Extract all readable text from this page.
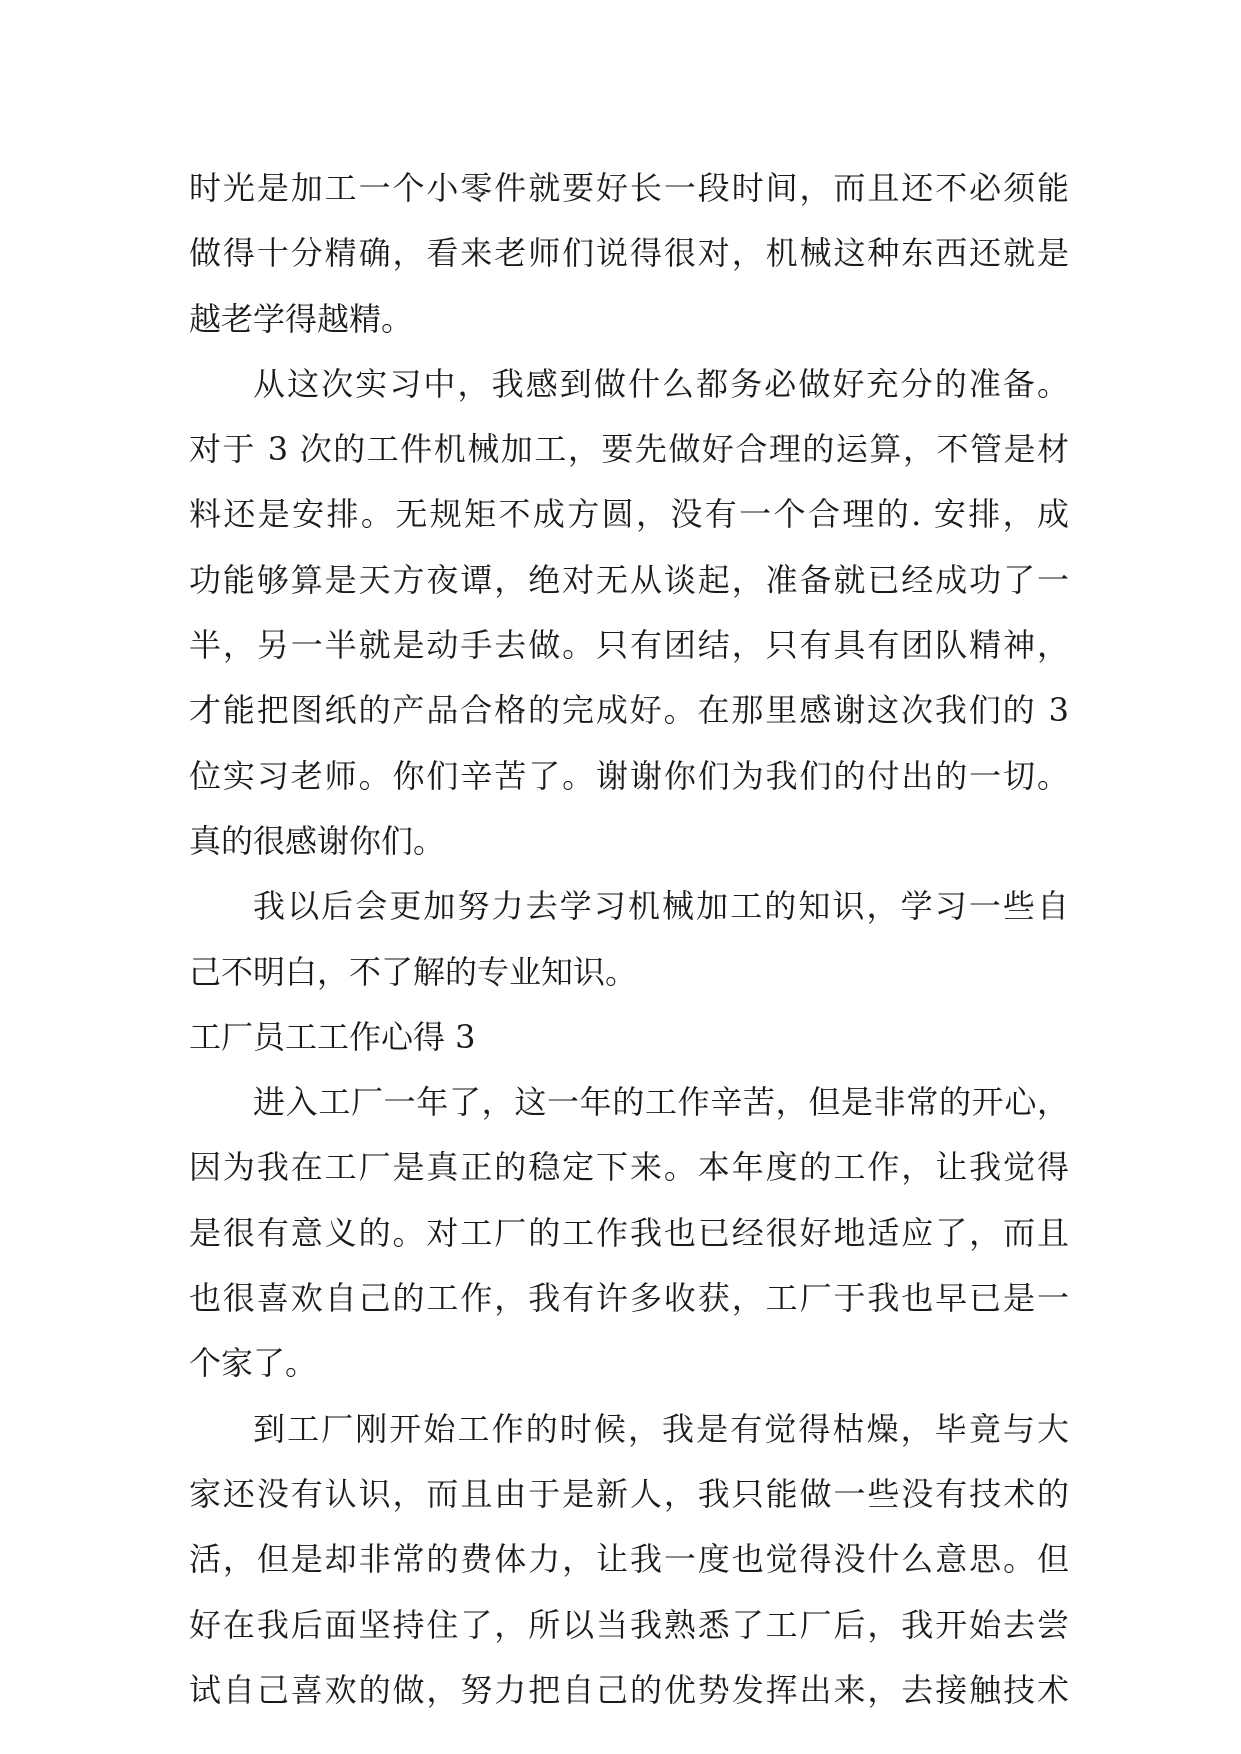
时光是加工一个小零件就要好长一段时间，而且还不必须能
做得十分精确，看来老师们说得很对，机械这种东西还就是
越老学得越精。
从这次实习中，我感到做什么都务必做好充分的准备。
对于 3 次的工件机械加工，要先做好合理的运算，不管是材
料还是安排。无规矩不成方圆，没有一个合理的. 安排，成
功能够算是天方夜谭，绝对无从谈起，准备就已经成功了一
半，另一半就是动手去做。只有团结，只有具有团队精神，
才能把图纸的产品合格的完成好。在那里感谢这次我们的 3
位实习老师。你们辛苦了。谢谢你们为我们的付出的一切。
真的很感谢你们。
我以后会更加努力去学习机械加工的知识，学习一些自
己不明白，不了解的专业知识。
工厂员工工作心得 3
进入工厂一年了，这一年的工作辛苦，但是非常的开心，
因为我在工厂是真正的稳定下来。本年度的工作，让我觉得
是很有意义的。对工厂的工作我也已经很好地适应了，而且
也很喜欢自己的工作，我有许多收获，工厂于我也早已是一
个家了。
到工厂刚开始工作的时候，我是有觉得枯燥，毕竟与大
家还没有认识，而且由于是新人，我只能做一些没有技术的
活，但是却非常的费体力，让我一度也觉得没什么意思。但
好在我后面坚持住了，所以当我熟悉了工厂后，我开始去尝
试自己喜欢的做，努力把自己的优势发挥出来，去接触技术
